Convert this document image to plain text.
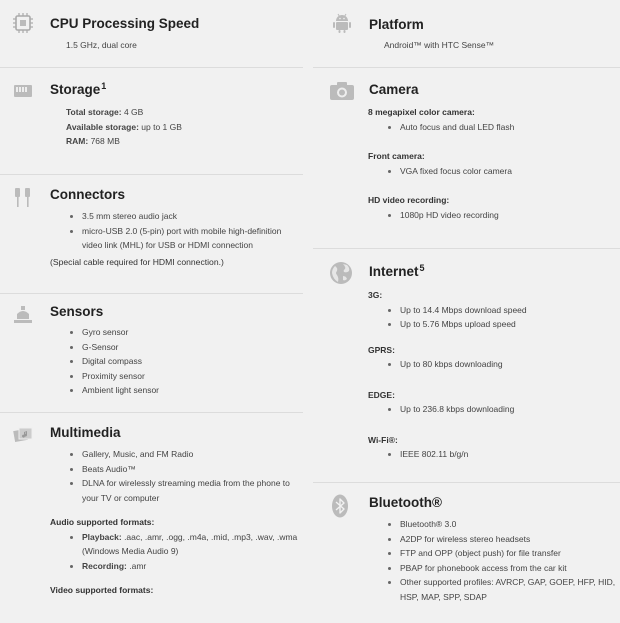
CPU Processing Speed

1.5 GHz, dual core

Storage$^1$

Total storage: 4 GB

Available storage: up to 1 GB

RAM: 768 MB

Connectors
3.5 mm stereo audio jack
micro-USB 2.0 (5-pin) port with mobile high-definition video link (MHL) for USB or HDMI connection
(Special cable required for HDMI connection.)
Sensors
Gyro sensor
G-Sensor
Digital compass
Proximity sensor
Ambient light sensor
Multimedia
Gallery, Music, and FM Radio
Beats Audio™
DLNA for wirelessly streaming media from the phone to your TV or computer

Audio supported formats:

Playback: .aac, .amr, .ogg, .m4a, .mid, .mp3, .wav, .wma (Windows Media Audio 9)
Recording: .amr

Video supported formats:

Platform

Android™ with HTC Sense™

Camera

8 megapixel color camera:

Auto focus and dual LED flash

Front camera:

VGA fixed focus color camera

HD video recording:

1080p HD video recording
Internet$^5$

3G:

Up to 14.4 Mbps download speed
Up to 5.76 Mbps upload speed

GPRS:

Up to 80 kbps downloading

EDGE:

Up to 236.8 kbps downloading

Wi-Fi®:

IEEE 802.11 b/g/n
Bluetooth®
Bluetooth® 3.0
A2DP for wireless stereo headsets
FTP and OPP (object push) for file transfer
PBAP for phonebook access from the car kit
Other supported profiles: AVRCP, GAP, GOEP, HFP, HID, HSP, MAP, SPP, SDAP
